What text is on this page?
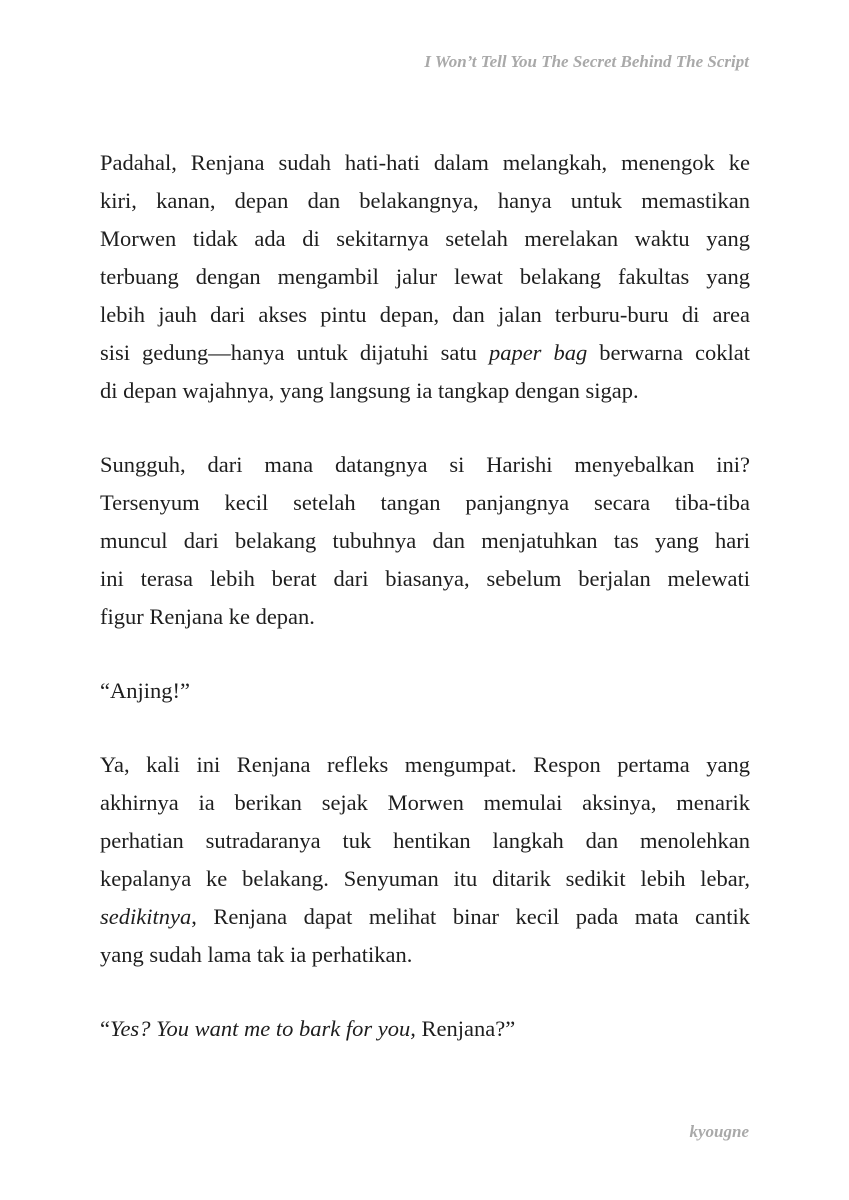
I Won’t Tell You The Secret Behind The Script
Padahal, Renjana sudah hati-hati dalam melangkah, menengok ke
kiri, kanan, depan dan belakangnya, hanya untuk memastikan
Morwen tidak ada di sekitarnya setelah merelakan waktu yang
terbuang dengan mengambil jalur lewat belakang fakultas yang
lebih jauh dari akses pintu depan, dan jalan terburu-buru di area
sisi gedung—hanya untuk dijatuhi satu paper bag berwarna coklat
di depan wajahnya, yang langsung ia tangkap dengan sigap.
Sungguh, dari mana datangnya si Harishi menyebalkan ini?
Tersenyum kecil setelah tangan panjangnya secara tiba-tiba
muncul dari belakang tubuhnya dan menjatuhkan tas yang hari
ini terasa lebih berat dari biasanya, sebelum berjalan melewati
figur Renjana ke depan.
“Anjing!”
Ya, kali ini Renjana refleks mengumpat. Respon pertama yang
akhirnya ia berikan sejak Morwen memulai aksinya, menarik
perhatian sutradaranya tuk hentikan langkah dan menolehkan
kepalanya ke belakang. Senyuman itu ditarik sedikit lebih lebar,
sedikitnya, Renjana dapat melihat binar kecil pada mata cantik
yang sudah lama tak ia perhatikan.
“Yes? You want me to bark for you, Renjana?”
kyougne
